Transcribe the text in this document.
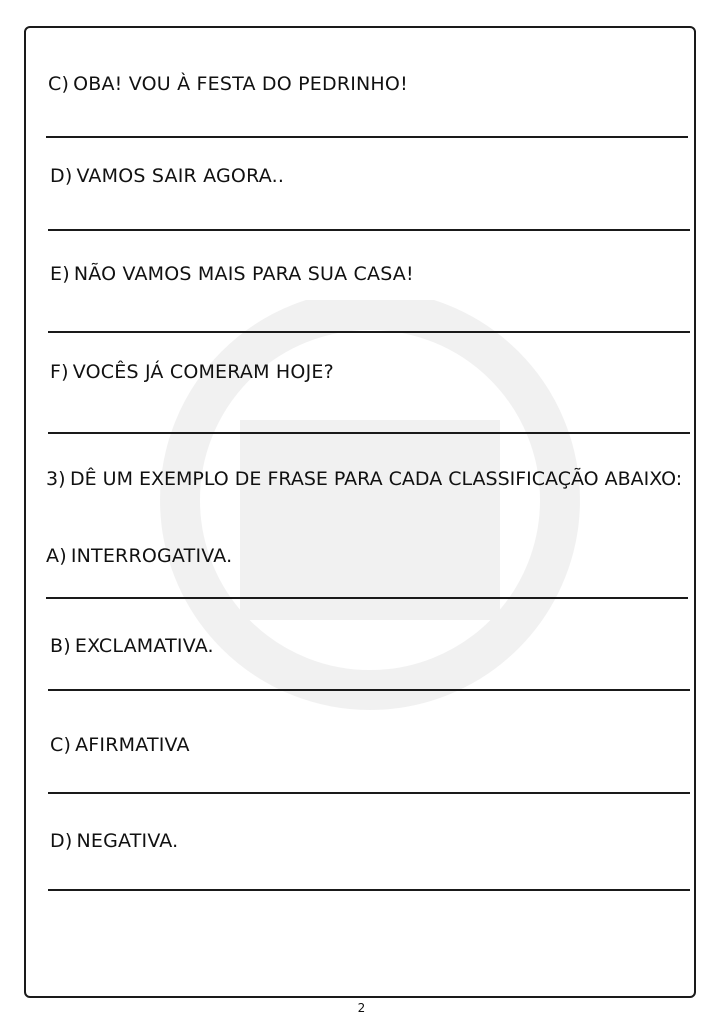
C) OBA! VOU À FESTA DO PEDRINHO!
D) VAMOS SAIR AGORA..
E) NÃO VAMOS MAIS PARA SUA CASA!
F) VOCÊS JÁ COMERAM HOJE?
3) DÊ UM EXEMPLO DE FRASE PARA CADA CLASSIFICAÇÃO ABAIXO:
A) INTERROGATIVA.
B) EXCLAMATIVA.
C) AFIRMATIVA
D) NEGATIVA.
2
